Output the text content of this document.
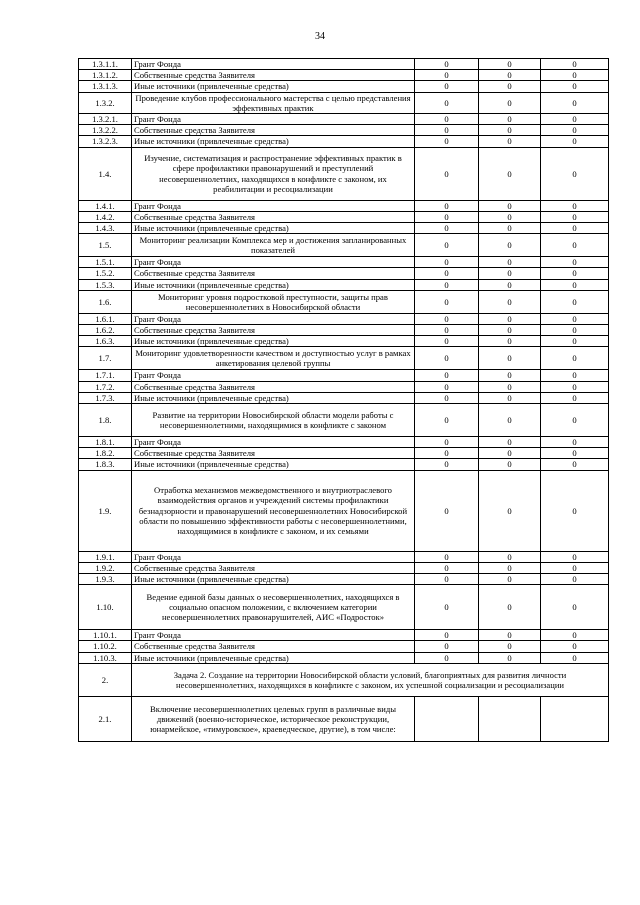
34
1.3.1.1.	Грант Фонда	0	0	0
1.3.1.2.	Собственные средства Заявителя	0	0	0
1.3.1.3.	Иные источники (привлеченные средства)	0	0	0
1.3.2.	Проведение клубов профессионального мастерства с целью представления эффективных практик	0	0	0
1.3.2.1.	Грант Фонда	0	0	0
1.3.2.2.	Собственные средства Заявителя	0	0	0
1.3.2.3.	Иные источники (привлеченные средства)	0	0	0
1.4.	Изучение, систематизация и распространение эффективных практик в сфере профилактики правонарушений и преступлений несовершеннолетних, находящихся в конфликте с законом, их реабилитации и ресоциализации	0	0	0
1.4.1.	Грант Фонда	0	0	0
1.4.2.	Собственные средства Заявителя	0	0	0
1.4.3.	Иные источники (привлеченные средства)	0	0	0
1.5.	Мониторинг реализации Комплекса мер и достижения запланированных показателей	0	0	0
1.5.1.	Грант Фонда	0	0	0
1.5.2.	Собственные средства Заявителя	0	0	0
1.5.3.	Иные источники (привлеченные средства)	0	0	0
1.6.	Мониторинг уровня подростковой преступности, защиты прав несовершеннолетних в Новосибирской области	0	0	0
1.6.1.	Грант Фонда	0	0	0
1.6.2.	Собственные средства Заявителя	0	0	0
1.6.3.	Иные источники (привлеченные средства)	0	0	0
1.7.	Мониторинг удовлетворенности качеством и доступностью услуг в рамках анкетирования целевой группы	0	0	0
1.7.1.	Грант Фонда	0	0	0
1.7.2.	Собственные средства Заявителя	0	0	0
1.7.3.	Иные источники (привлеченные средства)	0	0	0
1.8.	Развитие на территории Новосибирской области модели работы с несовершеннолетними, находящимися в конфликте с законом	0	0	0
1.8.1.	Грант Фонда	0	0	0
1.8.2.	Собственные средства Заявителя	0	0	0
1.8.3.	Иные источники (привлеченные средства)	0	0	0
1.9.	Отработка механизмов межведомственного и внутриотраслевого взаимодействия органов и учреждений системы профилактики безнадзорности и правонарушений несовершеннолетних Новосибирской области по повышению эффективности работы с несовершеннолетними, находящимися в конфликте с законом, и их семьями	0	0	0
1.9.1.	Грант Фонда	0	0	0
1.9.2.	Собственные средства Заявителя	0	0	0
1.9.3.	Иные источники (привлеченные средства)	0	0	0
1.10.	Ведение единой базы данных о несовершеннолетних, находящихся в социально опасном положении, с включением категории несовершеннолетних правонарушителей, АИС «Подросток»	0	0	0
1.10.1.	Грант Фонда	0	0	0
1.10.2.	Собственные средства Заявителя	0	0	0
1.10.3.	Иные источники (привлеченные средства)	0	0	0
2.	Задача 2. Создание на территории Новосибирской области условий, благоприятных для развития личности несовершеннолетних, находящихся в конфликте с законом, их успешной социализации и ресоциализации			
2.1.	Включение несовершеннолетних целевых групп в различные виды движений (военно-историческое, историческое реконструкции, юнармейское, «тимуровское», краеведческое, другие), в том числе:			
